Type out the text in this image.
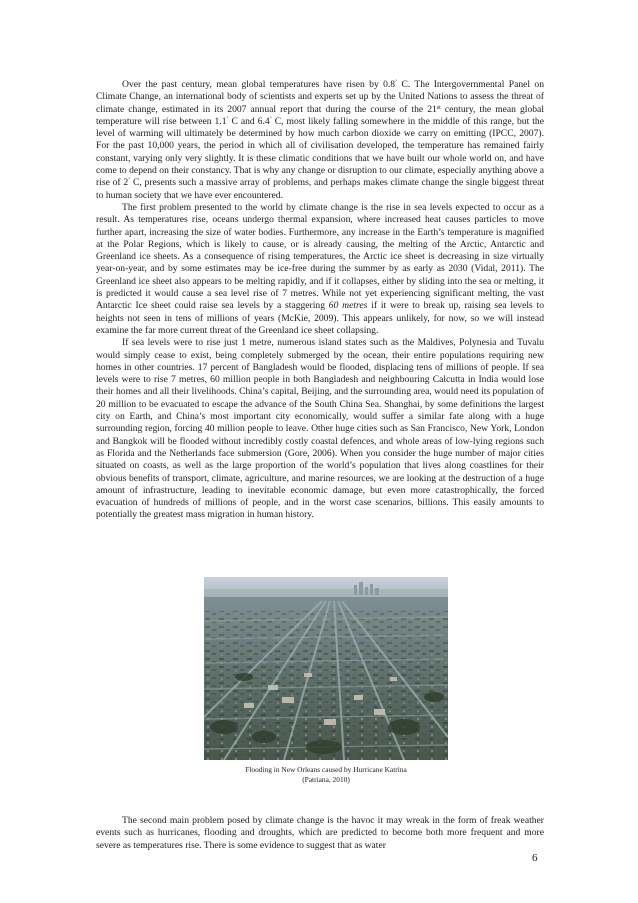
Over the past century, mean global temperatures have risen by 0.8˚ C. The Intergovernmental Panel on Climate Change, an international body of scientists and experts set up by the United Nations to assess the threat of climate change, estimated in its 2007 annual report that during the course of the 21st century, the mean global temperature will rise between 1.1˚ C and 6.4˚ C, most likely falling somewhere in the middle of this range, but the level of warming will ultimately be determined by how much carbon dioxide we carry on emitting (IPCC, 2007). For the past 10,000 years, the period in which all of civilisation developed, the temperature has remained fairly constant, varying only very slightly. It is these climatic conditions that we have built our whole world on, and have come to depend on their constancy. That is why any change or disruption to our climate, especially anything above a rise of 2˚ C, presents such a massive array of problems, and perhaps makes climate change the single biggest threat to human society that we have ever encountered.

The first problem presented to the world by climate change is the rise in sea levels expected to occur as a result. As temperatures rise, oceans undergo thermal expansion, where increased heat causes particles to move further apart, increasing the size of water bodies. Furthermore, any increase in the Earth’s temperature is magnified at the Polar Regions, which is likely to cause, or is already causing, the melting of the Arctic, Antarctic and Greenland ice sheets. As a consequence of rising temperatures, the Arctic ice sheet is decreasing in size virtually year-on-year, and by some estimates may be ice-free during the summer by as early as 2030 (Vidal, 2011). The Greenland ice sheet also appears to be melting rapidly, and if it collapses, either by sliding into the sea or melting, it is predicted it would cause a sea level rise of 7 metres. While not yet experiencing significant melting, the vast Antarctic Ice sheet could raise sea levels by a staggering 60 metres if it were to break up, raising sea levels to heights not seen in tens of millions of years (McKie, 2009). This appears unlikely, for now, so we will instead examine the far more current threat of the Greenland ice sheet collapsing.

If sea levels were to rise just 1 metre, numerous island states such as the Maldives, Polynesia and Tuvalu would simply cease to exist, being completely submerged by the ocean, their entire populations requiring new homes in other countries. 17 percent of Bangladesh would be flooded, displacing tens of millions of people. If sea levels were to rise 7 metres, 60 million people in both Bangladesh and neighbouring Calcutta in India would lose their homes and all their livelihoods. China’s capital, Beijing, and the surrounding area, would need its population of 20 million to be evacuated to escape the advance of the South China Sea. Shanghai, by some definitions the largest city on Earth, and China’s most important city economically, would suffer a similar fate along with a huge surrounding region, forcing 40 million people to leave. Other huge cities such as San Francisco, New York, London and Bangkok will be flooded without incredibly costly coastal defences, and whole areas of low-lying regions such as Florida and the Netherlands face submersion (Gore, 2006). When you consider the huge number of major cities situated on coasts, as well as the large proportion of the world’s population that lives along coastlines for their obvious benefits of transport, climate, agriculture, and marine resources, we are looking at the destruction of a huge amount of infrastructure, leading to inevitable economic damage, but even more catastrophically, the forced evacuation of hundreds of millions of people, and in the worst case scenarios, billions. This easily amounts to potentially the greatest mass migration in human history.

Flooding in New Orleans caused by Hurricane Katrina
(Patriana, 2010)

The second main problem posed by climate change is the havoc it may wreak in the form of freak weather events such as hurricanes, flooding and droughts, which are predicted to become both more frequent and more severe as temperatures rise. There is some evidence to suggest that as water

6
